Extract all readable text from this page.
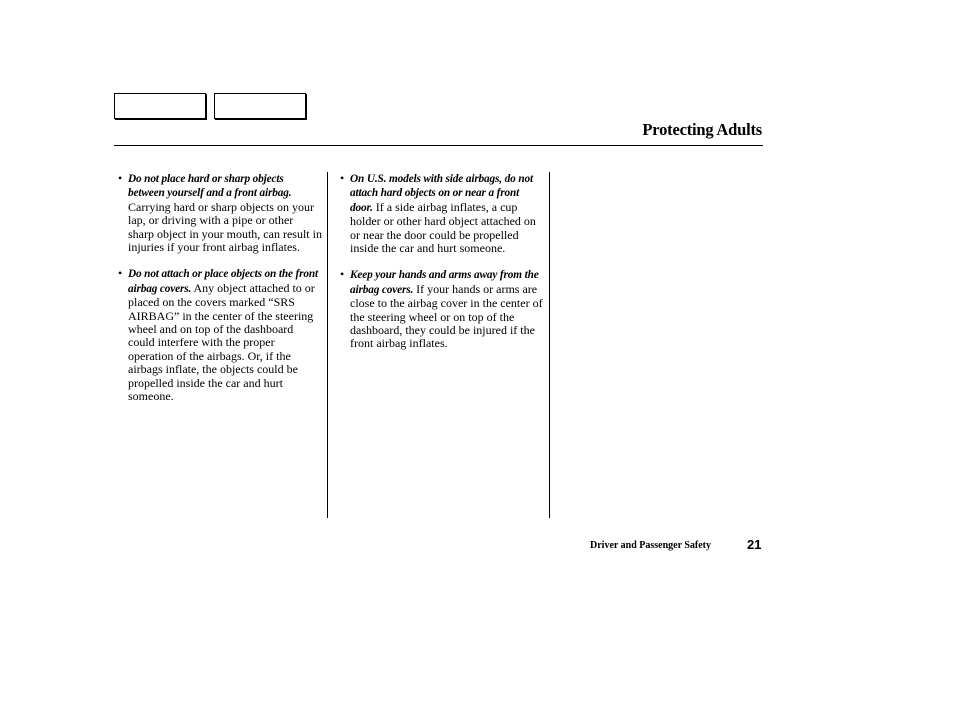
Protecting Adults

• Do not place hard or sharp objects between yourself and a front airbag. Carrying hard or sharp objects on your lap, or driving with a pipe or other sharp object in your mouth, can result in injuries if your front airbag inflates.

• Do not attach or place objects on the front airbag covers. Any object attached to or placed on the covers marked “SRS AIRBAG” in the center of the steering wheel and on top of the dashboard could interfere with the proper operation of the airbags. Or, if the airbags inflate, the objects could be propelled inside the car and hurt someone.

• On U.S. models with side airbags, do not attach hard objects on or near a front door. If a side airbag inflates, a cup holder or other hard object attached on or near the door could be propelled inside the car and hurt someone.

• Keep your hands and arms away from the airbag covers. If your hands or arms are close to the airbag cover in the center of the steering wheel or on top of the dashboard, they could be injured if the front airbag inflates.

Driver and Passenger Safety	21
